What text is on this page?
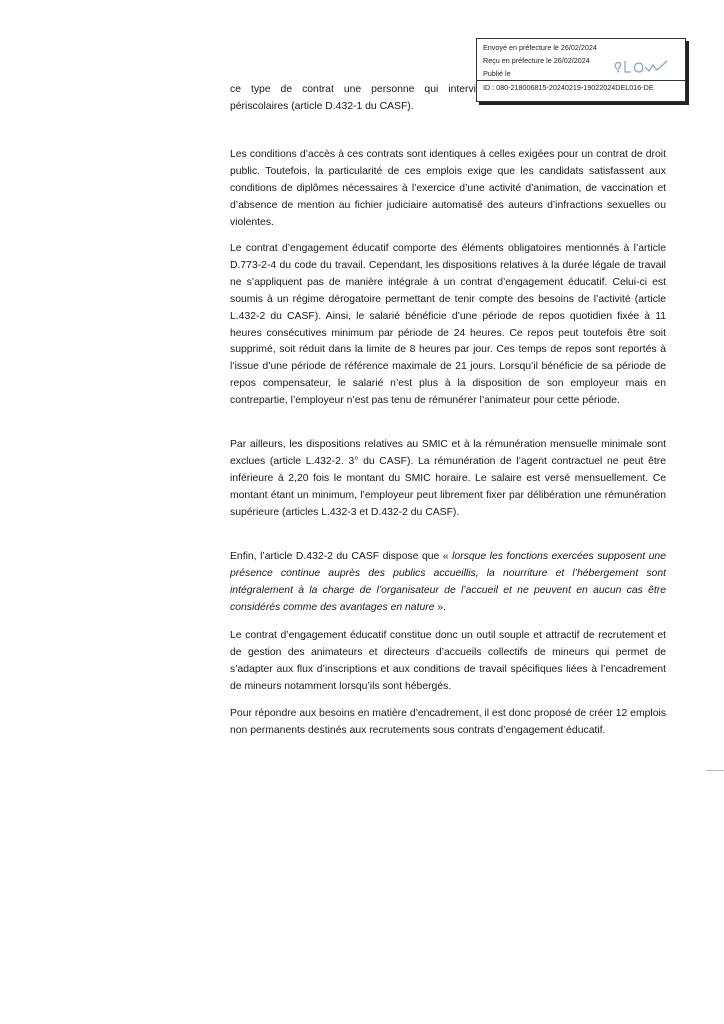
Envoyé en préfecture le 26/02/2024
Reçu en préfecture le 26/02/2024
Publié le
ID : 080-218006815-20240219-19022024DEL016-DE

ce type de contrat une personne qui intervi périscolaires (article D.432-1 du CASF).

Les conditions d’accès à ces contrats sont identiques à celles exigées pour un contrat de droit public. Toutefois, la particularité de ces emplois exige que les candidats satisfassent aux conditions de diplômes nécessaires à l’exercice d’une activité d’animation, de vaccination et d’absence de mention au fichier judiciaire automatisé des auteurs d’infractions sexuelles ou violentes.

Le contrat d’engagement éducatif comporte des éléments obligatoires mentionnés à l’article D.773-2-4 du code du travail. Cependant, les dispositions relatives à la durée légale de travail ne s’appliquent pas de manière intégrale à un contrat d’engagement éducatif. Celui-ci est soumis à un régime dérogatoire permettant de tenir compte des besoins de l’activité (article L.432-2 du CASF). Ainsi, le salarié bénéficie d’une période de repos quotidien fixée à 11 heures consécutives minimum par période de 24 heures. Ce repos peut toutefois être soit supprimé, soit réduit dans la limite de 8 heures par jour. Ces temps de repos sont reportés à l’issue d’une période de référence maximale de 21 jours. Lorsqu’il bénéficie de sa période de repos compensateur, le salarié n’est plus à la disposition de son employeur mais en contrepartie, l’employeur n’est pas tenu de rémunérer l’animateur pour cette période.

Par ailleurs, les dispositions relatives au SMIC et à la rémunération mensuelle minimale sont exclues (article L.432-2. 3° du CASF). La rémunération de l’agent contractuel ne peut être inférieure à 2,20 fois le montant du SMIC horaire. Le salaire est versé mensuellement. Ce montant étant un minimum, l’employeur peut librement fixer par délibération une rémunération supérieure (articles L.432-3 et D.432-2 du CASF).

Enfin, l’article D.432-2 du CASF dispose que « lorsque les fonctions exercées supposent une présence continue auprès des publics accueillis, la nourriture et l’hébergement sont intégralement à la charge de l’organisateur de l’accueil et ne peuvent en aucun cas être considérés comme des avantages en nature ».

Le contrat d’engagement éducatif constitue donc un outil souple et attractif de recrutement et de gestion des animateurs et directeurs d’accueils collectifs de mineurs qui permet de s’adapter aux flux d’inscriptions et aux conditions de travail spécifiques liées à l’encadrement de mineurs notamment lorsqu’ils sont hébergés.

Pour répondre aux besoins en matière d’encadrement, il est donc proposé de créer 12 emplois non permanents destinés aux recrutements sous contrats d’engagement éducatif.
